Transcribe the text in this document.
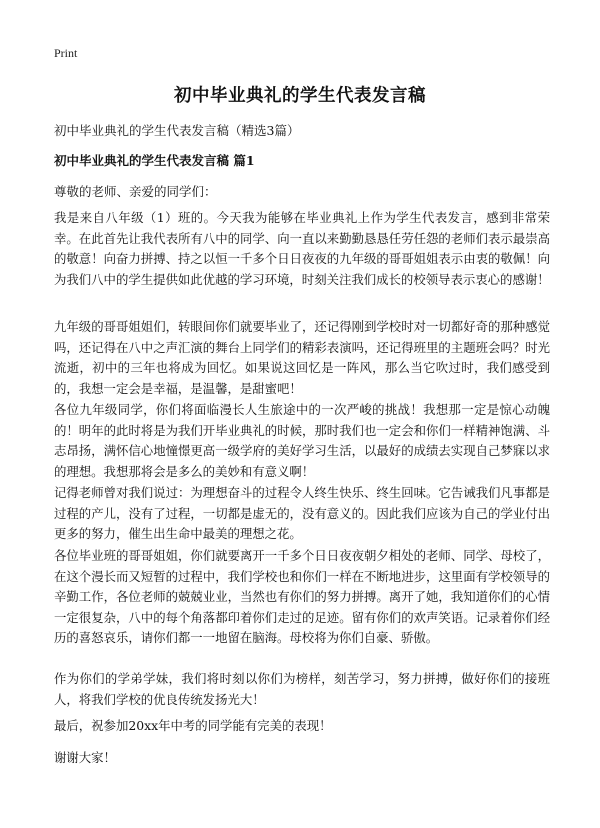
Print
初中毕业典礼的学生代表发言稿

初中毕业典礼的学生代表发言稿（精选3篇）

初中毕业典礼的学生代表发言稿 篇1

尊敬的老师、亲爱的同学们：

我是来自八年级（1）班的。今天我为能够在毕业典礼上作为学生代表发言，感到非常荣幸。在此首先让我代表所有八中的同学、向一直以来勤勤恳恳任劳任怨的老师们表示最崇高的敬意！向奋力拼搏、持之以恒一千多个日日夜夜的九年级的哥哥姐姐表示由衷的敬佩！向为我们八中的学生提供如此优越的学习环境，时刻关注我们成长的校领导表示衷心的感谢！

九年级的哥哥姐姐们，转眼间你们就要毕业了，还记得刚到学校时对一切都好奇的那种感觉吗，还记得在八中之声汇演的舞台上同学们的精彩表演吗，还记得班里的主题班会吗？时光流逝，初中的三年也将成为回忆。如果说这回忆是一阵风，那么当它吹过时，我们感受到的，我想一定会是幸福，是温馨，是甜蜜吧！

各位九年级同学，你们将面临漫长人生旅途中的一次严峻的挑战！我想那一定是惊心动魄的！明年的此时将是为我们开毕业典礼的时候，那时我们也一定会和你们一样精神饱满、斗志昂扬，满怀信心地憧憬更高一级学府的美好学习生活，以最好的成绩去实现自己梦寐以求的理想。我想那将会是多么的美妙和有意义啊！

记得老师曾对我们说过：为理想奋斗的过程令人终生快乐、终生回味。它告诫我们凡事都是过程的产儿，没有了过程，一切都是虚无的，没有意义的。因此我们应该为自己的学业付出更多的努力，催生出生命中最美的理想之花。

各位毕业班的哥哥姐姐，你们就要离开一千多个日日夜夜朝夕相处的老师、同学、母校了，在这个漫长而又短暂的过程中，我们学校也和你们一样在不断地进步，这里面有学校领导的辛勤工作，各位老师的兢兢业业，当然也有你们的努力拼搏。离开了她，我知道你们的心情一定很复杂，八中的每个角落都印着你们走过的足迹。留有你们的欢声笑语。记录着你们经历的喜怒哀乐，请你们都一一地留在脑海。母校将为你们自豪、骄傲。

作为你们的学弟学妹，我们将时刻以你们为榜样，刻苦学习，努力拼搏，做好你们的接班人，将我们学校的优良传统发扬光大！

最后，祝参加20xx年中考的同学能有完美的表现！

谢谢大家！
